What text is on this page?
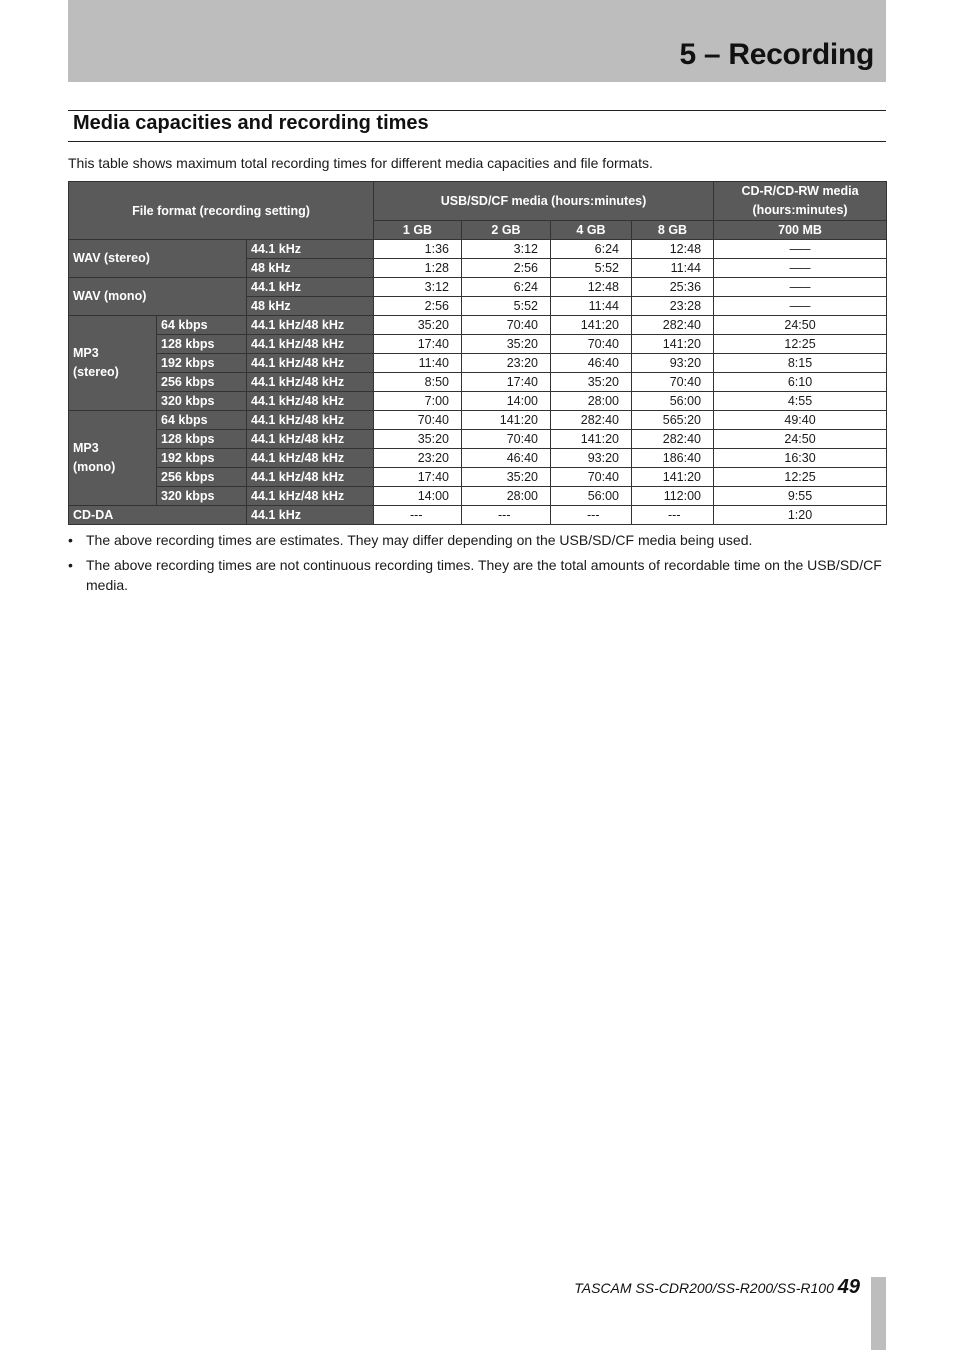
5 – Recording
Media capacities and recording times
This table shows maximum total recording times for different media capacities and file formats.
File format (recording setting)			USB/SD/CF media (hours:minutes)				CD-R/CD-RW media
(hours:minutes)

			1 GB	2 GB	4 GB	8 GB	700 MB
WAV (stereo)		44.1 kHz	1:36	3:12	6:24	12:48	–––
		48 kHz	1:28	2:56	5:52	11:44	–––
WAV (mono)		44.1 kHz	3:12	6:24	12:48	25:36	–––
		48 kHz	2:56	5:52	11:44	23:28	–––

MP3
(stereo)	64 kbps	44.1 kHz/48 kHz	35:20	70:40	141:20	282:40	24:50
	128 kbps	44.1 kHz/48 kHz	17:40	35:20	70:40	141:20	12:25
	192 kbps	44.1 kHz/48 kHz	11:40	23:20	46:40	93:20	8:15
	256 kbps	44.1 kHz/48 kHz	8:50	17:40	35:20	70:40	6:10
	320 kbps	44.1 kHz/48 kHz	7:00	14:00	28:00	56:00	4:55

MP3
(mono)	64 kbps	44.1 kHz/48 kHz	70:40	141:20	282:40	565:20	49:40
	128 kbps	44.1 kHz/48 kHz	35:20	70:40	141:20	282:40	24:50
	192 kbps	44.1 kHz/48 kHz	23:20	46:40	93:20	186:40	16:30
	256 kbps	44.1 kHz/48 kHz	17:40	35:20	70:40	141:20	12:25
	320 kbps	44.1 kHz/48 kHz	14:00	28:00	56:00	112:00	9:55
CD-DA		44.1 kHz	---	---	---	---	1:20
• The above recording times are estimates. They may differ depending on the USB/SD/CF media being used.
• The above recording times are not continuous recording times. They are the total amounts of recordable time on the USB/SD/CF media.
TASCAM SS-CDR200/SS-R200/SS-R100 49
